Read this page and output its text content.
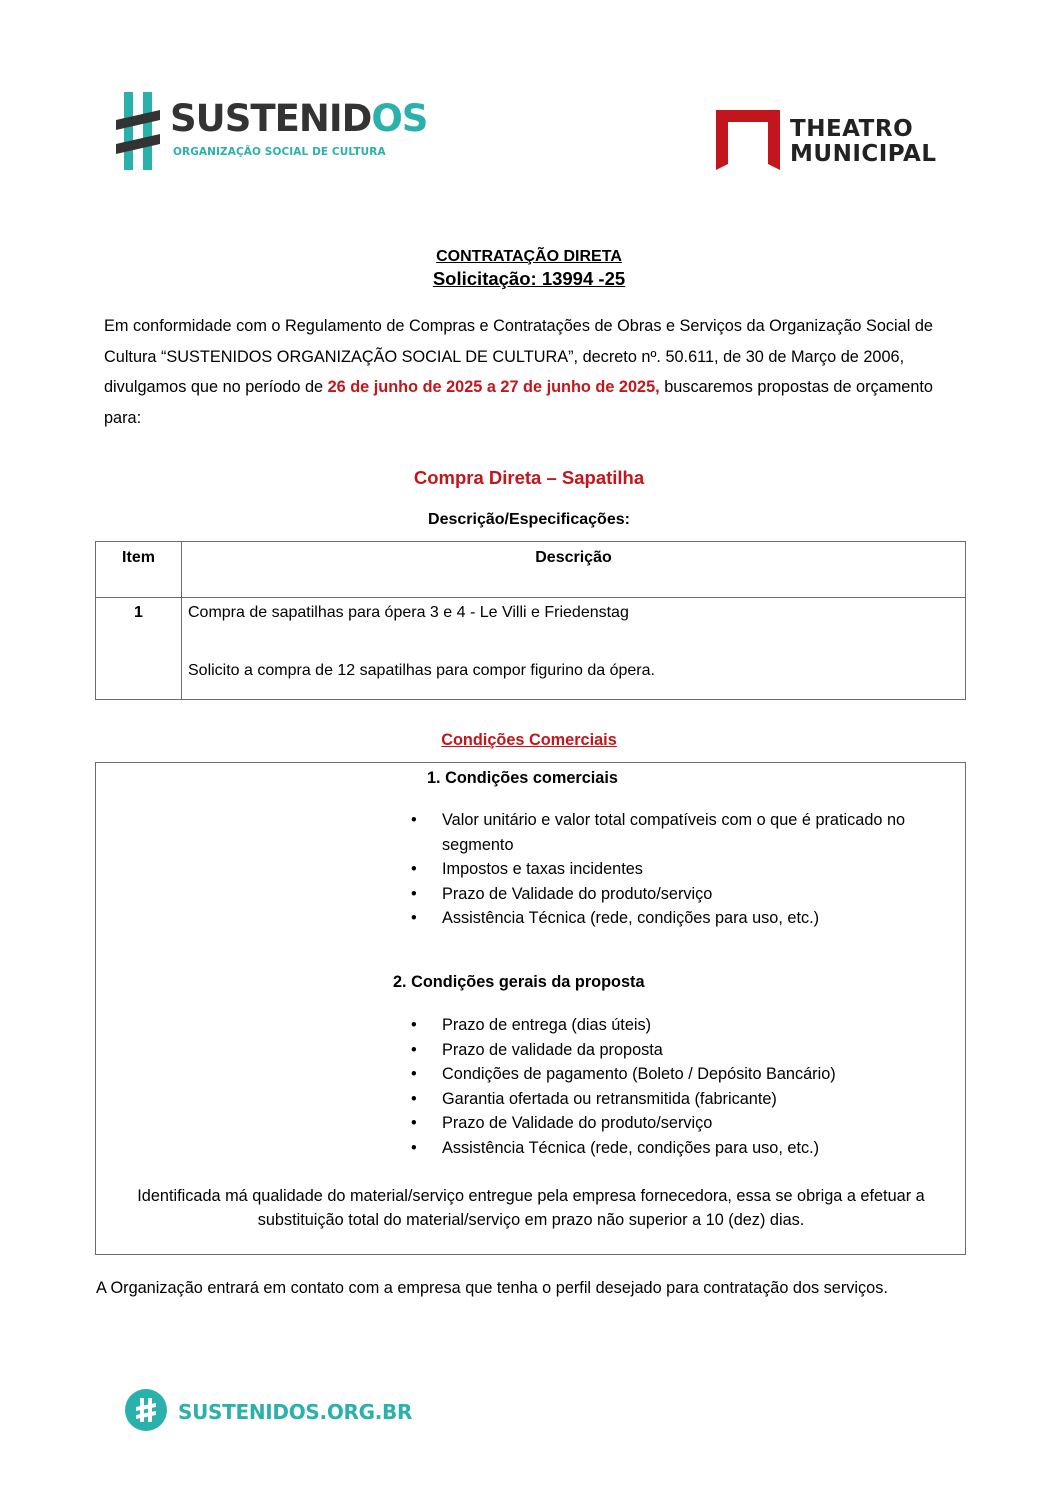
SUSTENIDOS
ORGANIZAÇÃO SOCIAL DE CULTURA
THEATRO
MUNICIPAL
CONTRATAÇÃO DIRETA
Solicitação: 13994 -25
Em conformidade com o Regulamento de Compras e Contratações de Obras e Serviços da Organização Social de Cultura “SUSTENIDOS ORGANIZAÇÃO SOCIAL DE CULTURA”, decreto nº. 50.611, de 30 de Março de 2006, divulgamos que no período de 26 de junho de 2025 a 27 de junho de 2025, buscaremos propostas de orçamento para:
Compra Direta – Sapatilha
Descrição/Especificações:
Item	Descrição
1	Compra de sapatilhas para ópera 3 e 4 - Le Villi e Friedenstag
Solicito a compra de 12 sapatilhas para compor figurino da ópera.
Condições Comerciais
1. Condições comerciais
• Valor unitário e valor total compatíveis com o que é praticado no segmento
• Impostos e taxas incidentes
• Prazo de Validade do produto/serviço
• Assistência Técnica (rede, condições para uso, etc.)
2. Condições gerais da proposta
• Prazo de entrega (dias úteis)
• Prazo de validade da proposta
• Condições de pagamento (Boleto / Depósito Bancário)
• Garantia ofertada ou retransmitida (fabricante)
• Prazo de Validade do produto/serviço
• Assistência Técnica (rede, condições para uso, etc.)
Identificada má qualidade do material/serviço entregue pela empresa fornecedora, essa se obriga a efetuar a substituição total do material/serviço em prazo não superior a 10 (dez) dias.
A Organização entrará em contato com a empresa que tenha o perfil desejado para contratação dos serviços.
SUSTENIDOS.ORG.BR
